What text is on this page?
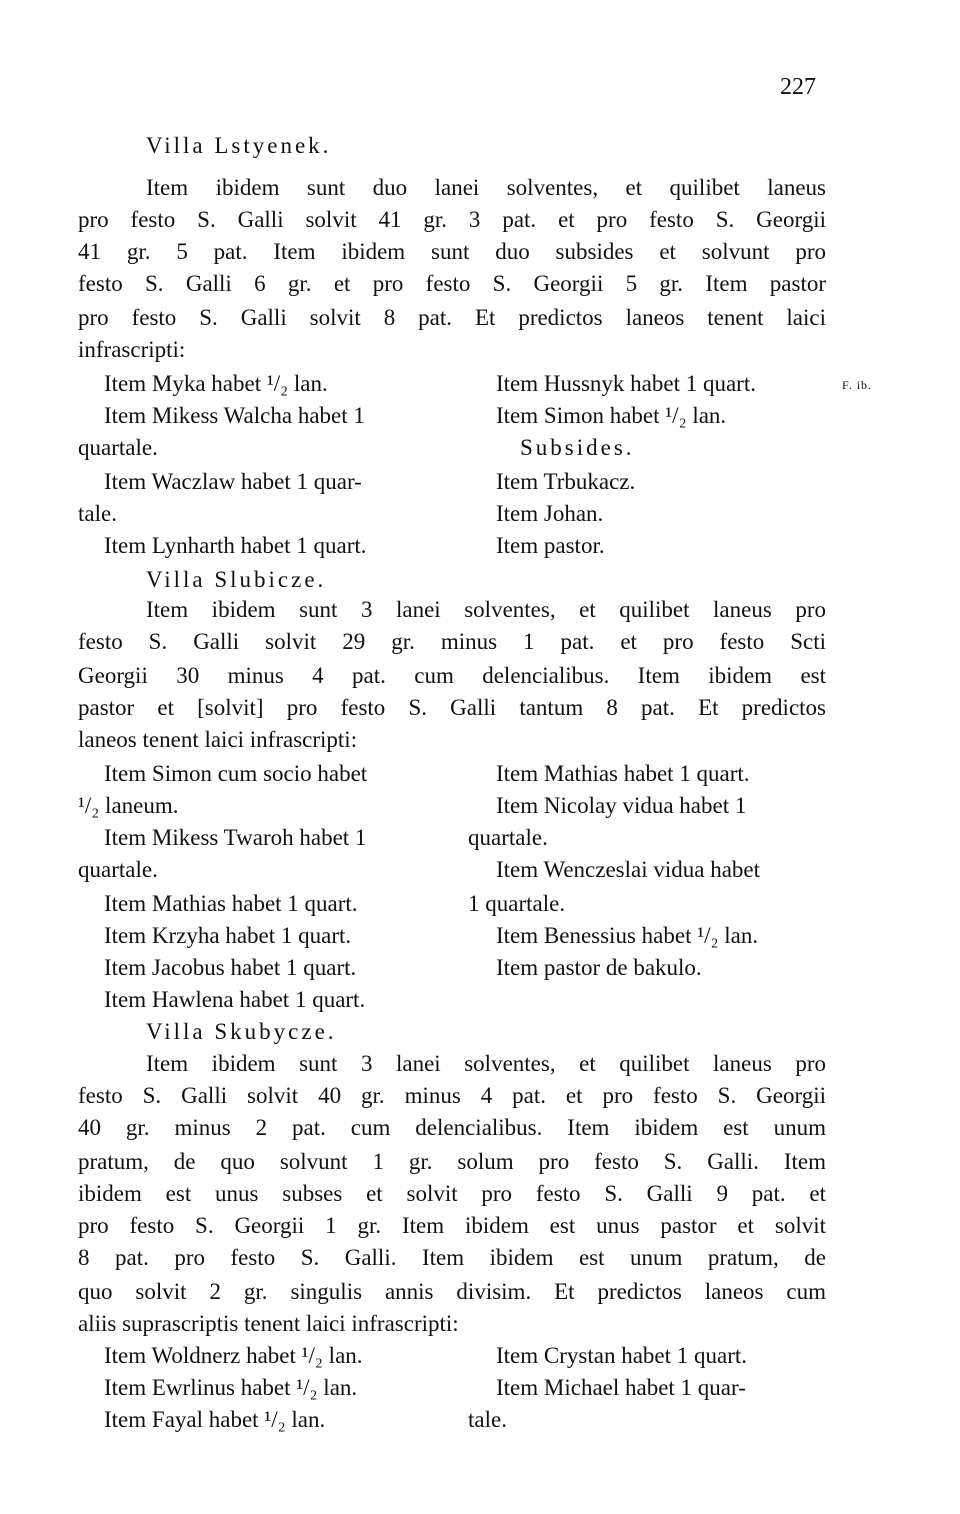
227
Villa Lstyenek.
Item ibidem sunt duo lanei solventes, et quilibet laneus
pro festo S. Galli solvit 41 gr. 3 pat. et pro festo S. Georgii
41 gr. 5 pat. Item ibidem sunt duo subsides et solvunt pro
festo S. Galli 6 gr. et pro festo S. Georgii 5 gr. Item pastor
pro festo S. Galli solvit 8 pat. Et predictos laneos tenent laici
infrascripti:
Item Myka habet ¹/₂ lan.
Item Mikess Walcha habet 1
quartale.
Item Waczlaw habet 1 quar-
tale.
Item Lynharth habet 1 quart.
Item Hussnyk habet 1 quart.
Item Simon habet ¹/₂ lan.
Subsides.
Item Trbukacz.
Item Johan.
Item pastor.
F. ib.
Villa Slubicze.
Item ibidem sunt 3 lanei solventes, et quilibet laneus pro
festo S. Galli solvit 29 gr. minus 1 pat. et pro festo Scti
Georgii 30 minus 4 pat. cum delencialibus. Item ibidem est
pastor et [solvit] pro festo S. Galli tantum 8 pat. Et predictos
laneos tenent laici infrascripti:
Item Simon cum socio habet
¹/₂ laneum.
Item Mikess Twaroh habet 1
quartale.
Item Mathias habet 1 quart.
Item Krzyha habet 1 quart.
Item Jacobus habet 1 quart.
Item Hawlena habet 1 quart.
Item Mathias habet 1 quart.
Item Nicolay vidua habet 1
quartale.
Item Wenczeslai vidua habet
1 quartale.
Item Benessius habet ¹/₂ lan.
Item pastor de bakulo.
Villa Skubycze.
Item ibidem sunt 3 lanei solventes, et quilibet laneus pro
festo S. Galli solvit 40 gr. minus 4 pat. et pro festo S. Georgii
40 gr. minus 2 pat. cum delencialibus. Item ibidem est unum
pratum, de quo solvunt 1 gr. solum pro festo S. Galli. Item
ibidem est unus subses et solvit pro festo S. Galli 9 pat. et
pro festo S. Georgii 1 gr. Item ibidem est unus pastor et solvit
8 pat. pro festo S. Galli. Item ibidem est unum pratum, de
quo solvit 2 gr. singulis annis divisim. Et predictos laneos cum
aliis suprascriptis tenent laici infrascripti:
Item Woldnerz habet ¹/₂ lan.
Item Ewrlinus habet ¹/₂ lan.
Item Fayal habet ¹/₂ lan.
Item Crystan habet 1 quart.
Item Michael habet 1 quar-
tale.
